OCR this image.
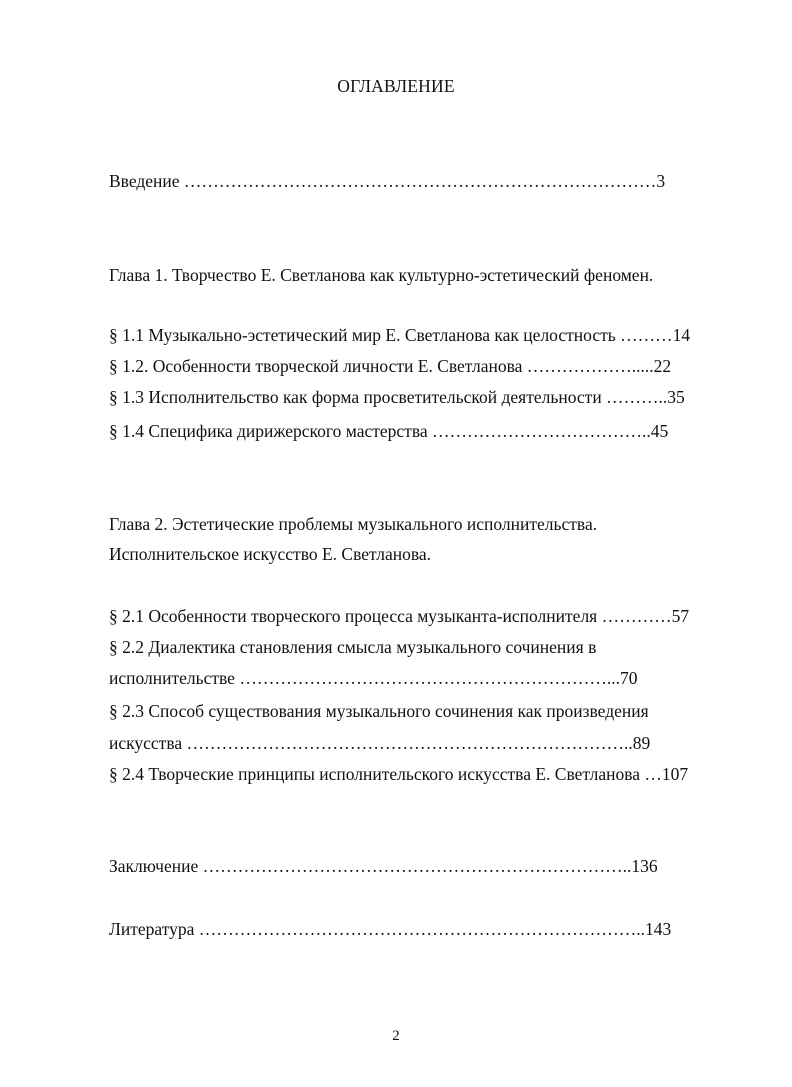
ОГЛАВЛЕНИЕ
Введение ………………………………………………………………………3
Глава 1. Творчество Е. Светланова как культурно-эстетический феномен.
§ 1.1 Музыкально-эстетический мир Е. Светланова как целостность ………14
§ 1.2. Особенности творческой личности Е. Светланова ……………….....22
§ 1.3 Исполнительство как форма просветительской деятельности ………..35
§ 1.4 Специфика дирижерского мастерства ………………………………..45
Глава 2. Эстетические проблемы музыкального исполнительства.
Исполнительское искусство Е. Светланова.
§ 2.1 Особенности творческого процесса музыканта-исполнителя …………57
§ 2.2 Диалектика становления смысла музыкального сочинения в
исполнительстве ………………………………………………………...70
§ 2.3 Способ существования музыкального сочинения как произведения
искусства …………………………………………………………………..89
§ 2.4 Творческие принципы исполнительского искусства Е. Светланова …107
Заключение ………………………………………………………………..136
Литература …………………………………………………………………..143
2
